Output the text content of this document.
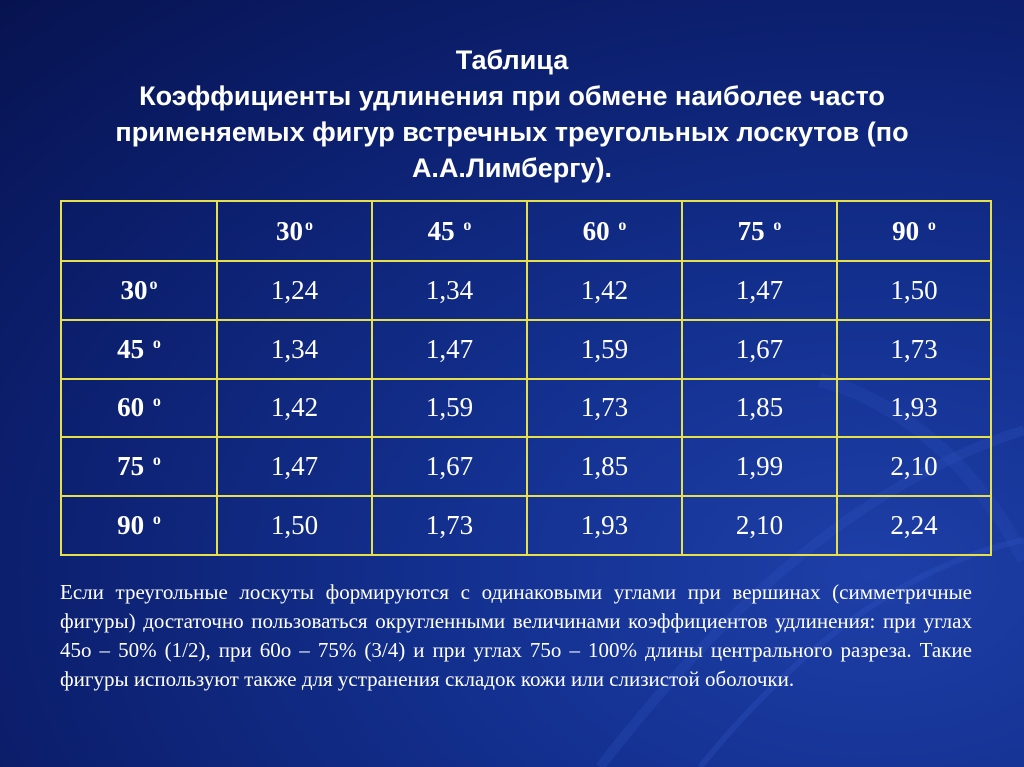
Таблица
Коэффициенты удлинения при обмене наиболее часто
применяемых фигур встречных треугольных лоскутов (по
А.А.Лимбергу).
	30 $^o$	45 $^o$	60 $^o$	75 $^o$	90 $^o$
30 $^o$	1,24	1,34	1,42	1,47	1,50
45 $^o$	1,34	1,47	1,59	1,67	1,73
60 $^o$	1,42	1,59	1,73	1,85	1,93
75 $^o$	1,47	1,67	1,85	1,99	2,10
90 $^o$	1,50	1,73	1,93	2,10	2,24
Если треугольные лоскуты формируются с одинаковыми углами при вершинах (симметричные фигуры) достаточно пользоваться округленными величинами коэффициентов удлинения: при углах 45о – 50% (1/2), при 60о – 75% (3/4) и при углах 75о – 100% длины центрального разреза. Такие фигуры используют также для устранения складок кожи или слизистой оболочки.
